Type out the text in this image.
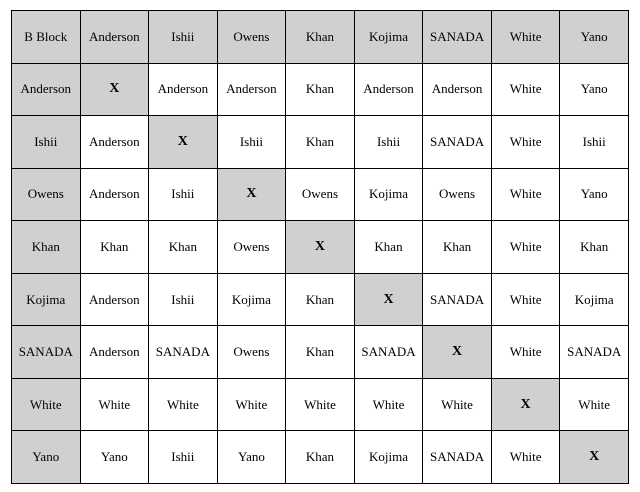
B Block	Anderson	Ishii	Owens	Khan	Kojima	SANADA	White	Yano
Anderson	X	Anderson	Anderson	Khan	Anderson	Anderson	White	Yano
Ishii	Anderson	X	Ishii	Khan	Ishii	SANADA	White	Ishii
Owens	Anderson	Ishii	X	Owens	Kojima	Owens	White	Yano
Khan	Khan	Khan	Owens	X	Khan	Khan	White	Khan
Kojima	Anderson	Ishii	Kojima	Khan	X	SANADA	White	Kojima
SANADA	Anderson	SANADA	Owens	Khan	SANADA	X	White	SANADA
White	White	White	White	White	White	White	X	White
Yano	Yano	Ishii	Yano	Khan	Kojima	SANADA	White	X
